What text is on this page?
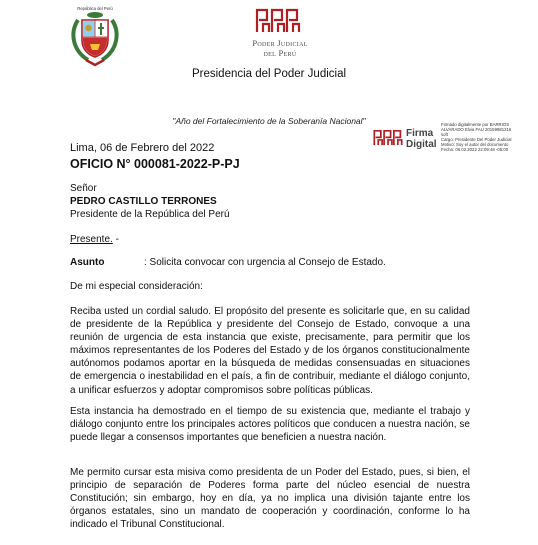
República del Perú
Poder Judicial
del Perú
Presidencia del Poder Judicial
"Año del Fortalecimiento de la Soberanía Nacional"
Firma
Digital
Firmado digitalmente por BARRIOS
ALVARADO Elvia FAU 20159981216
soft
Cargo: Presidente Del Poder Judicial
Motivo: Soy el autor del documento
Fecha: 06.02.2022 22:09:48 -05:00
Lima, 06 de Febrero del 2022
OFICIO N° 000081-2022-P-PJ
Señor
PEDRO CASTILLO TERRONES
Presidente de la República del Perú
Presente. -
Asunto	: Solicita convocar con urgencia al Consejo de Estado.
De mi especial consideración:
Reciba usted un cordial saludo. El propósito del presente es solicitarle que, en su calidad de presidente de la República y presidente del Consejo de Estado, convoque a una reunión de urgencia de esta instancia que existe, precisamente, para permitir que los máximos representantes de los Poderes del Estado y de los órganos constitucionalmente autónomos podamos aportar en la búsqueda de medidas consensuadas en situaciones de emergencia o inestabilidad en el país, a fin de contribuir, mediante el diálogo conjunto, a unificar esfuerzos y adoptar compromisos sobre políticas públicas.
Esta instancia ha demostrado en el tiempo de su existencia que, mediante el trabajo y diálogo conjunto entre los principales actores políticos que conducen a nuestra nación, se puede llegar a consensos importantes que beneficien a nuestra nación.
Me permito cursar esta misiva como presidenta de un Poder del Estado, pues, si bien, el principio de separación de Poderes forma parte del núcleo esencial de nuestra Constitución; sin embargo, hoy en día, ya no implica una división tajante entre los órganos estatales, sino un mandato de cooperación y coordinación, conforme lo ha indicado el Tribunal Constitucional.
